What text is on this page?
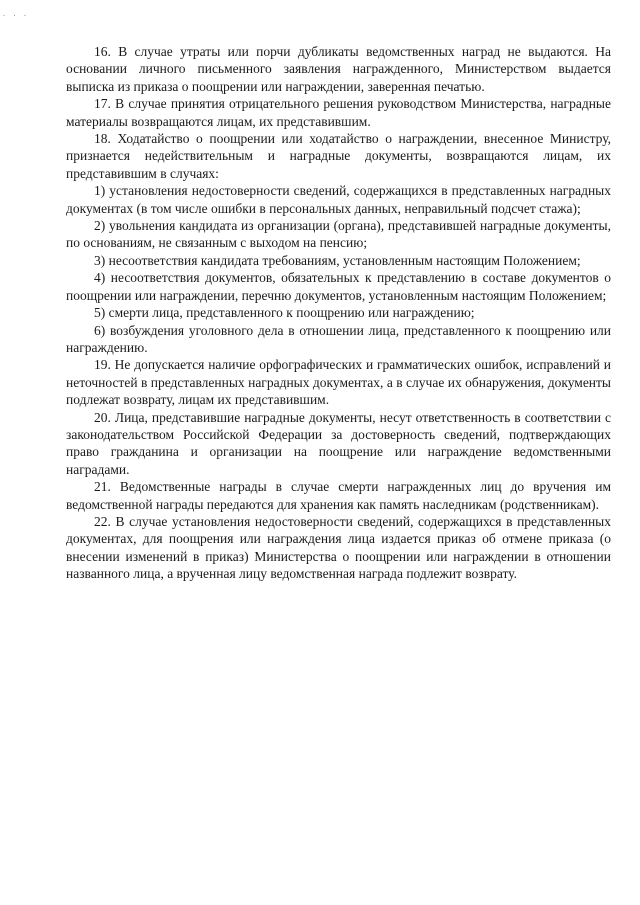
· · ·

16. В случае утраты или порчи дубликаты ведомственных наград не выдаются. На основании личного письменного заявления награжденного, Министерством выдается выписка из приказа о поощрении или награждении, заверенная печатью.

17. В случае принятия отрицательного решения руководством Министерства, наградные материалы возвращаются лицам, их представившим.

18. Ходатайство о поощрении или ходатайство о награждении, внесенное Министру, признается недействительным и наградные документы, возвращаются лицам, их представившим в случаях:

1) установления недостоверности сведений, содержащихся в представленных наградных документах (в том числе ошибки в персональных данных, неправильный подсчет стажа);

2) увольнения кандидата из организации (органа), представившей наградные документы, по основаниям, не связанным с выходом на пенсию;

3) несоответствия кандидата требованиям, установленным настоящим Положением;

4) несоответствия документов, обязательных к представлению в составе документов о поощрении или награждении, перечню документов, установленным настоящим Положением;

5) смерти лица, представленного к поощрению или награждению;

6) возбуждения уголовного дела в отношении лица, представленного к поощрению или награждению.

19. Не допускается наличие орфографических и грамматических ошибок, исправлений и неточностей в представленных наградных документах, а в случае их обнаружения, документы подлежат возврату, лицам их представившим.

20. Лица, представившие наградные документы, несут ответственность в соответствии с законодательством Российской Федерации за достоверность сведений, подтверждающих право гражданина и организации на поощрение или награждение ведомственными наградами.

21. Ведомственные награды в случае смерти награжденных лиц до вручения им ведомственной награды передаются для хранения как память наследникам (родственникам).

22. В случае установления недостоверности сведений, содержащихся в представленных документах, для поощрения или награждения лица издается приказ об отмене приказа (о внесении изменений в приказ) Министерства о поощрении или награждении в отношении названного лица, а врученная лицу ведомственная награда подлежит возврату.
